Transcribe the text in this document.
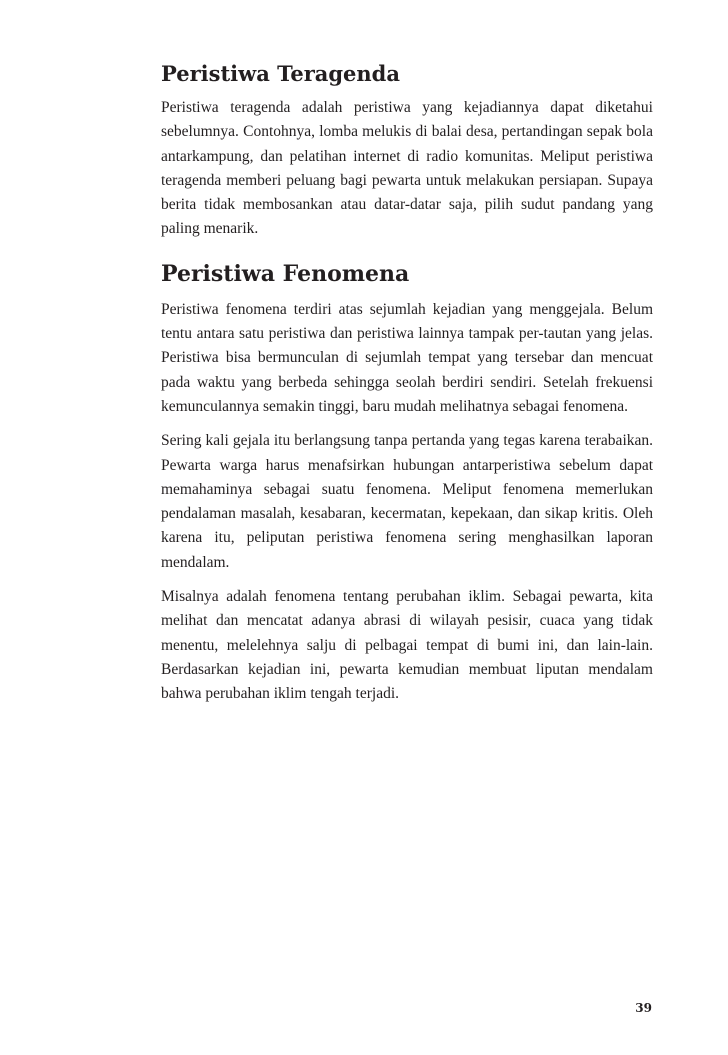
Peristiwa Teragenda

Peristiwa teragenda adalah peristiwa yang kejadiannya dapat diketahui sebelumnya. Contohnya, lomba melukis di balai desa, pertandingan sepak bola antarkampung, dan pelatihan internet di radio komunitas. Meliput peristiwa teragenda memberi peluang bagi pewarta untuk melakukan persiapan. Supaya berita tidak membosankan atau datar-datar saja, pilih sudut pandang yang paling menarik.

Peristiwa Fenomena

Peristiwa fenomena terdiri atas sejumlah kejadian yang menggejala. Belum tentu antara satu peristiwa dan peristiwa lainnya tampak per-tautan yang jelas. Peristiwa bisa bermunculan di sejumlah tempat yang tersebar dan mencuat pada waktu yang berbeda sehingga seolah berdiri sendiri. Setelah frekuensi kemunculannya semakin tinggi, baru mudah melihatnya sebagai fenomena.

Sering kali gejala itu berlangsung tanpa pertanda yang tegas karena terabaikan. Pewarta warga harus menafsirkan hubungan antarperistiwa sebelum dapat memahaminya sebagai suatu fenomena. Meliput fenomena memerlukan pendalaman masalah, kesabaran, kecermatan, kepekaan, dan sikap kritis. Oleh karena itu, peliputan peristiwa fenomena sering menghasilkan laporan mendalam.

Misalnya adalah fenomena tentang perubahan iklim. Sebagai pewarta, kita melihat dan mencatat adanya abrasi di wilayah pesisir, cuaca yang tidak menentu, melelehnya salju di pelbagai tempat di bumi ini, dan lain-lain. Berdasarkan kejadian ini, pewarta kemudian membuat liputan mendalam bahwa perubahan iklim tengah terjadi.

39
